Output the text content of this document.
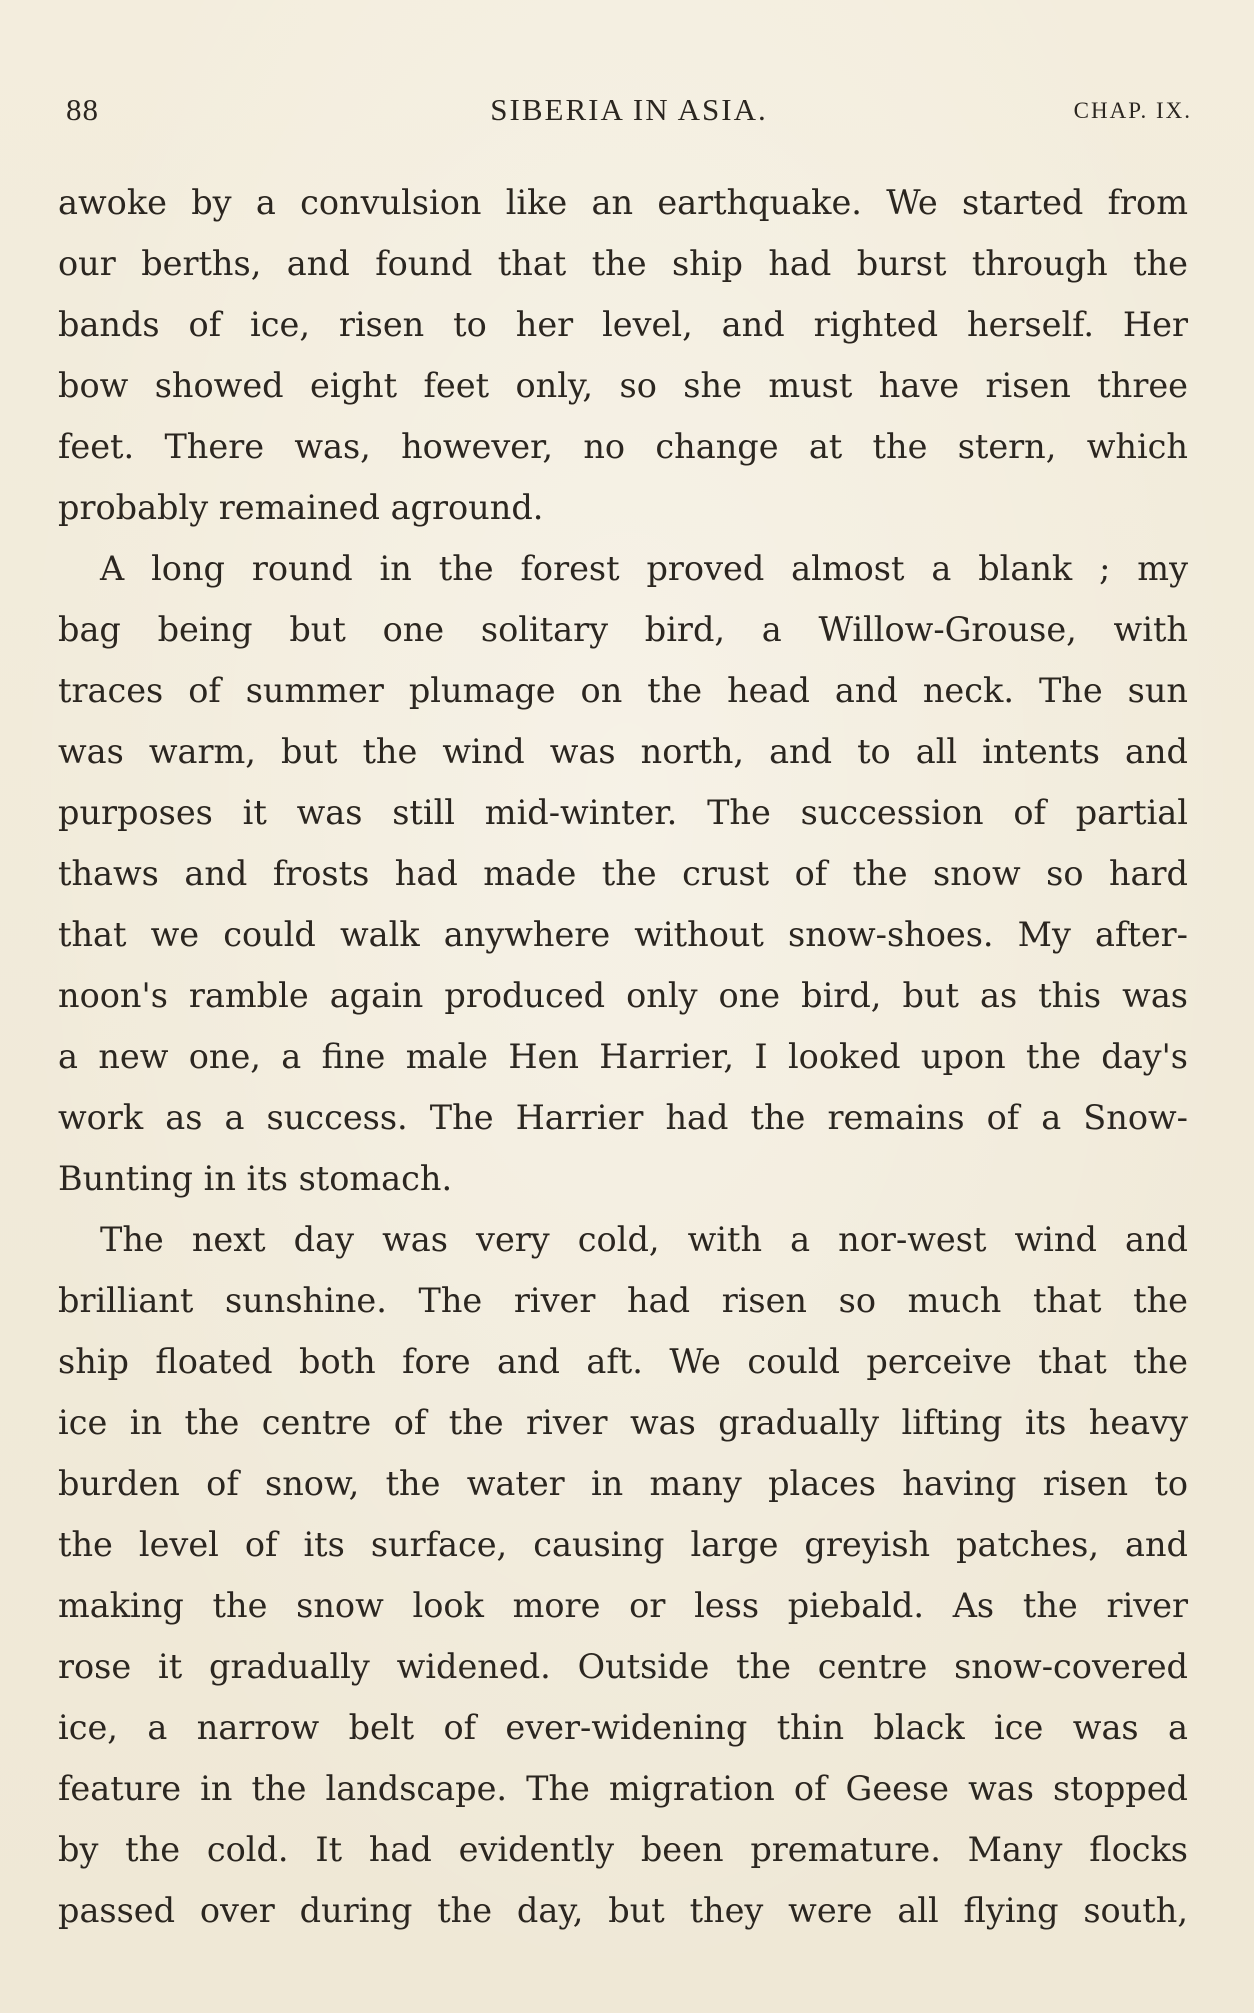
88	SIBERIA IN ASIA.	CHAP. IX.
awoke by a convulsion like an earthquake. We started from
our berths, and found that the ship had burst through the
bands of ice, risen to her level, and righted herself. Her
bow showed eight feet only, so she must have risen three
feet. There was, however, no change at the stern, which
probably remained aground.
A long round in the forest proved almost a blank ; my
bag being but one solitary bird, a Willow-Grouse, with
traces of summer plumage on the head and neck. The sun
was warm, but the wind was north, and to all intents and
purposes it was still mid-winter. The succession of partial
thaws and frosts had made the crust of the snow so hard
that we could walk anywhere without snow-shoes. My after-
noon's ramble again produced only one bird, but as this was
a new one, a fine male Hen Harrier, I looked upon the day's
work as a success. The Harrier had the remains of a Snow-
Bunting in its stomach.
The next day was very cold, with a nor-west wind and
brilliant sunshine. The river had risen so much that the
ship floated both fore and aft. We could perceive that the
ice in the centre of the river was gradually lifting its heavy
burden of snow, the water in many places having risen to
the level of its surface, causing large greyish patches, and
making the snow look more or less piebald. As the river
rose it gradually widened. Outside the centre snow-covered
ice, a narrow belt of ever-widening thin black ice was a
feature in the landscape. The migration of Geese was stopped
by the cold. It had evidently been premature. Many flocks
passed over during the day, but they were all flying south,
